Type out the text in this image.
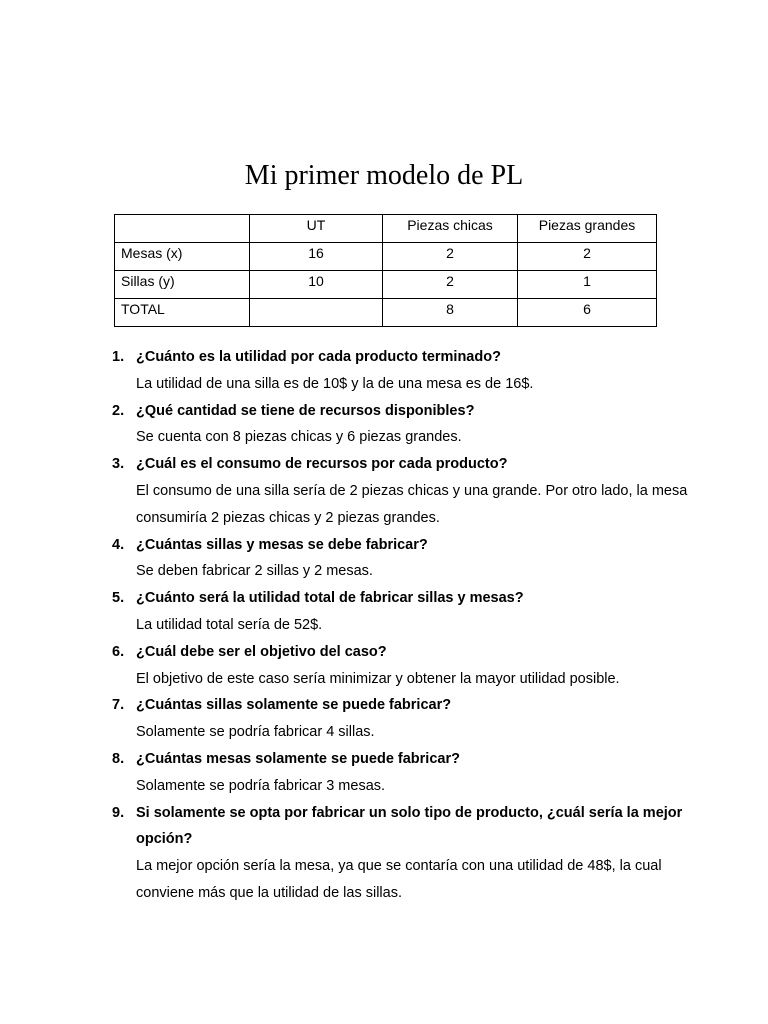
Mi primer modelo de PL
	UT	Piezas chicas	Piezas grandes
Mesas (x)	16	2	2
Sillas (y)	10	2	1
TOTAL		8	6
1. ¿Cuánto es la utilidad por cada producto terminado?
La utilidad de una silla es de 10$ y la de una mesa es de 16$.
2. ¿Qué cantidad se tiene de recursos disponibles?
Se cuenta con 8 piezas chicas y 6 piezas grandes.
3. ¿Cuál es el consumo de recursos por cada producto?
El consumo de una silla sería de 2 piezas chicas y una grande. Por otro lado, la mesa consumiría 2 piezas chicas y 2 piezas grandes.
4. ¿Cuántas sillas y mesas se debe fabricar?
Se deben fabricar 2 sillas y 2 mesas.
5. ¿Cuánto será la utilidad total de fabricar sillas y mesas?
La utilidad total sería de 52$.
6. ¿Cuál debe ser el objetivo del caso?
El objetivo de este caso sería minimizar y obtener la mayor utilidad posible.
7. ¿Cuántas sillas solamente se puede fabricar?
Solamente se podría fabricar 4 sillas.
8. ¿Cuántas mesas solamente se puede fabricar?
Solamente se podría fabricar 3 mesas.
9. Si solamente se opta por fabricar un solo tipo de producto, ¿cuál sería la mejor opción?
La mejor opción sería la mesa, ya que se contaría con una utilidad de 48$, la cual conviene más que la utilidad de las sillas.
